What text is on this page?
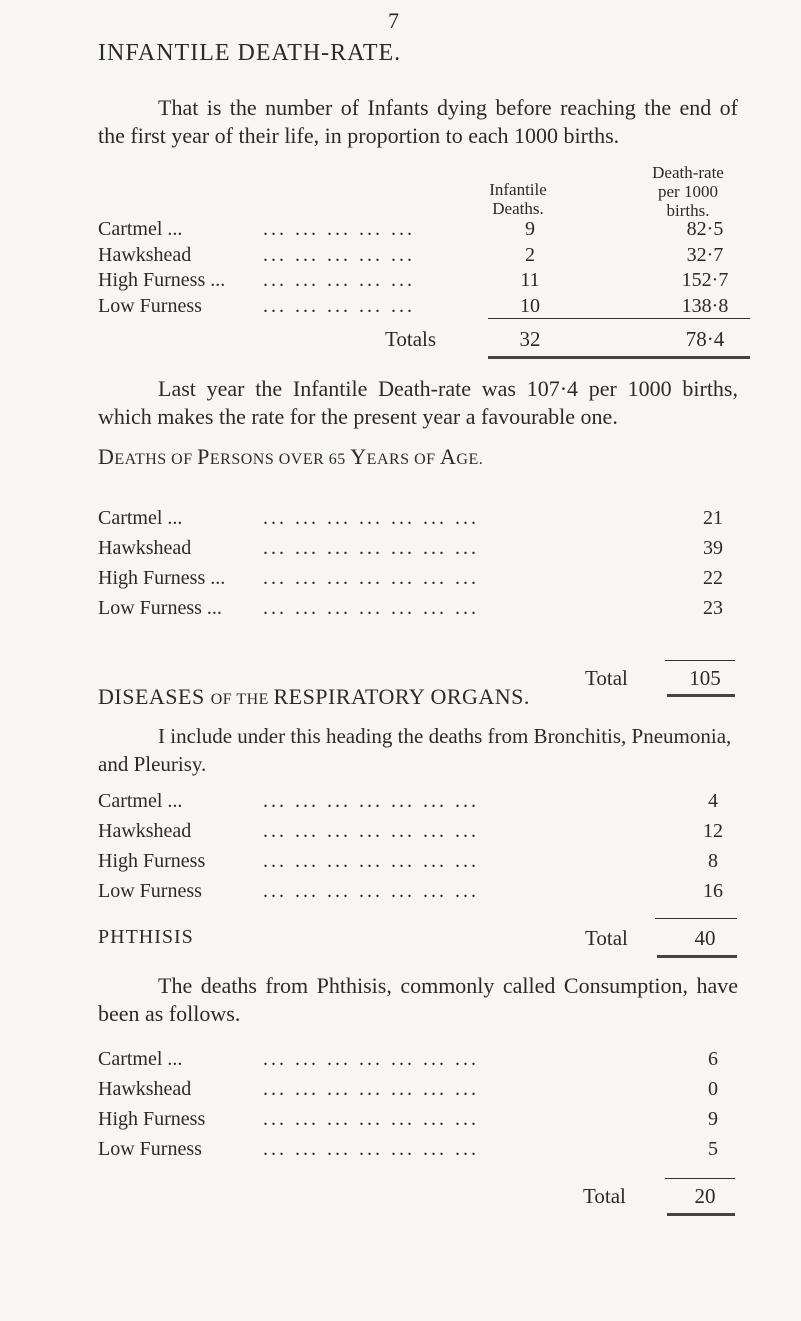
7
INFANTILE DEATH-RATE.
That is the number of Infants dying before reaching the end of the first year of their life, in proportion to each 1000 births.
Infantile
Deaths.
Death-rate
per 1000
births.
Cartmel ...	... ... ... ... ...	9	82·5
Hawkshead	... ... ... ... ...	2	32·7
High Furness ... ... ... ... ... ...	11	152·7
Low Furness	... ... ... ... ...	10	138·8
Totals	32	78·4
Last year the Infantile Death-rate was 107·4 per 1000 births, which makes the rate for the present year a favourable one.
DEATHS OF PERSONS OVER 65 YEARS OF AGE.
Cartmel ...	... ... ... ... ... ... ...	21
Hawkshead	... ... ... ... ... ... ...	39
High Furness ... ... ... ... ... ... ... ...	22
Low Furness ... ... ... ... ... ... ... ...	23
Total	105
DISEASES OF THE RESPIRATORY ORGANS.
I include under this heading the deaths from Bronchitis, Pneumonia, and Pleurisy.
Cartmel ...	... ... ... ... ... ... ...	4
Hawkshead	... ... ... ... ... ... ...	12
High Furness	... ... ... ... ... ... ...	8
Low Furness	... ... ... ... ... ... ...	16
PHTHISIS	Total	40
The deaths from Phthisis, commonly called Consumption, have been as follows.
Cartmel ...	... ... ... ... ... ... ...	6
Hawkshead	... ... ... ... ... ... ...	0
High Furness	... ... ... ... ... ... ...	9
Low Furness	... ... ... ... ... ... ...	5
Total	20
